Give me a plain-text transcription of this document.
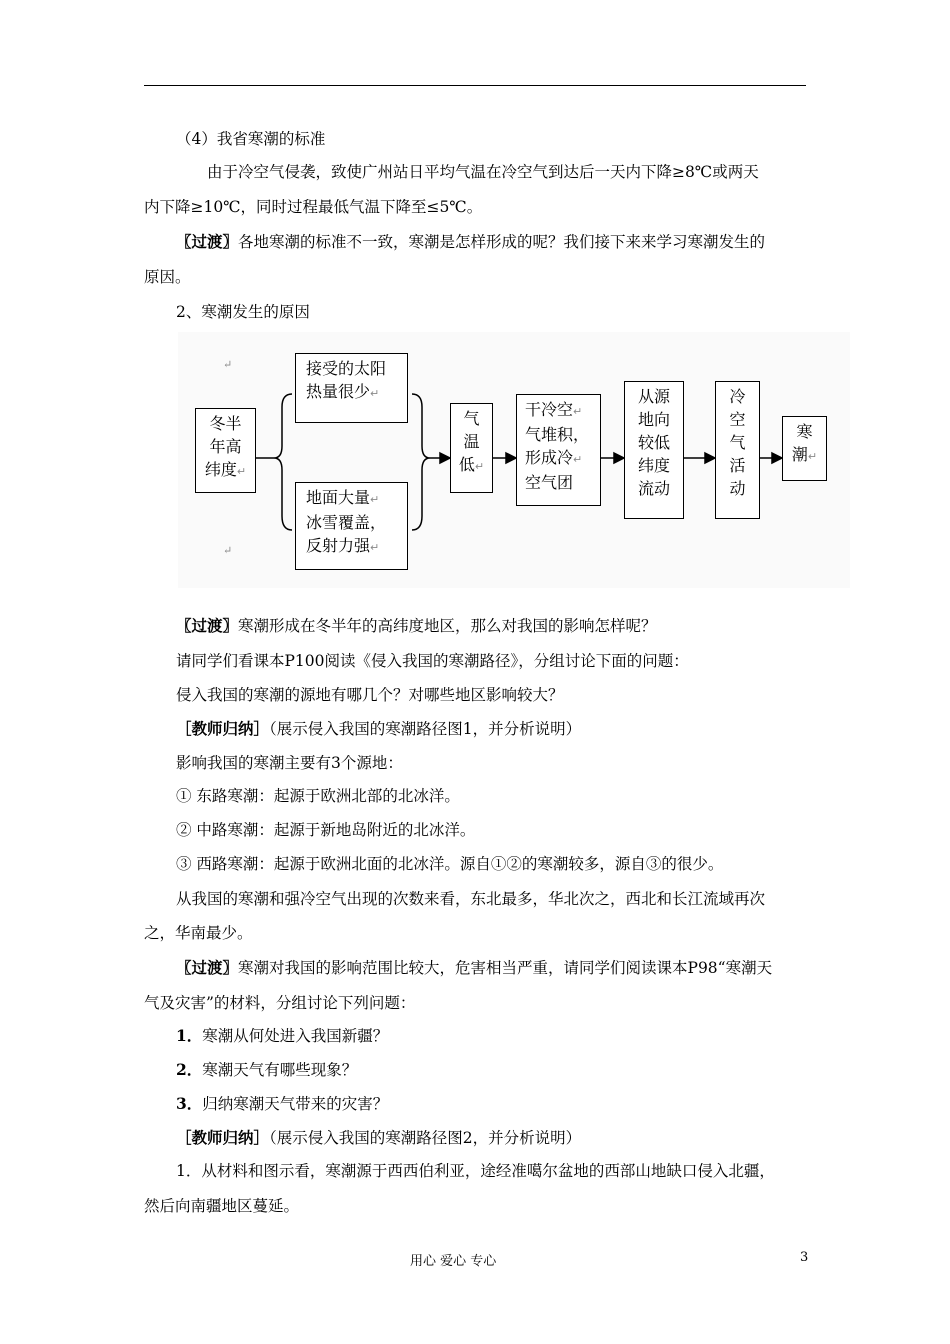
（4）我省寒潮的标准
由于冷空气侵袭，致使广州站日平均气温在冷空气到达后一天内下降≥8℃或两天
内下降≥10℃，同时过程最低气温下降至≤5℃。
〖过渡〗各地寒潮的标准不一致，寒潮是怎样形成的呢？我们接下来来学习寒潮发生的
原因。
2、寒潮发生的原因
↵
↵
冬半
年高
纬度↵
接受的太阳
热量很少↵
地面大量↵
冰雪覆盖，
反射力强↵
气
温
低↵
干冷空↵
气堆积，
形成冷↵
空气团
从源
地向
较低
纬度
流动
冷
空
气
活
动
寒
潮↵
〖过渡〗寒潮形成在冬半年的高纬度地区，那么对我国的影响怎样呢？
请同学们看课本P100阅读《侵入我国的寒潮路径》，分组讨论下面的问题：
侵入我国的寒潮的源地有哪几个？对哪些地区影响较大？
［教师归纳］（展示侵入我国的寒潮路径图1，并分析说明）
影响我国的寒潮主要有3个源地：
① 东路寒潮：起源于欧洲北部的北冰洋。
② 中路寒潮：起源于新地岛附近的北冰洋。
③ 西路寒潮：起源于欧洲北面的北冰洋。源自①②的寒潮较多，源自③的很少。
从我国的寒潮和强冷空气出现的次数来看，东北最多，华北次之，西北和长江流域再次
之，华南最少。
〖过渡〗寒潮对我国的影响范围比较大，危害相当严重，请同学们阅读课本P98“寒潮天
气及灾害”的材料，分组讨论下列问题：
1．寒潮从何处进入我国新疆？
2．寒潮天气有哪些现象？
3．归纳寒潮天气带来的灾害？
［教师归纳］（展示侵入我国的寒潮路径图2，并分析说明）
1．从材料和图示看，寒潮源于西西伯利亚，途经准噶尔盆地的西部山地缺口侵入北疆，
然后向南疆地区蔓延。
用心 爱心 专心	3
